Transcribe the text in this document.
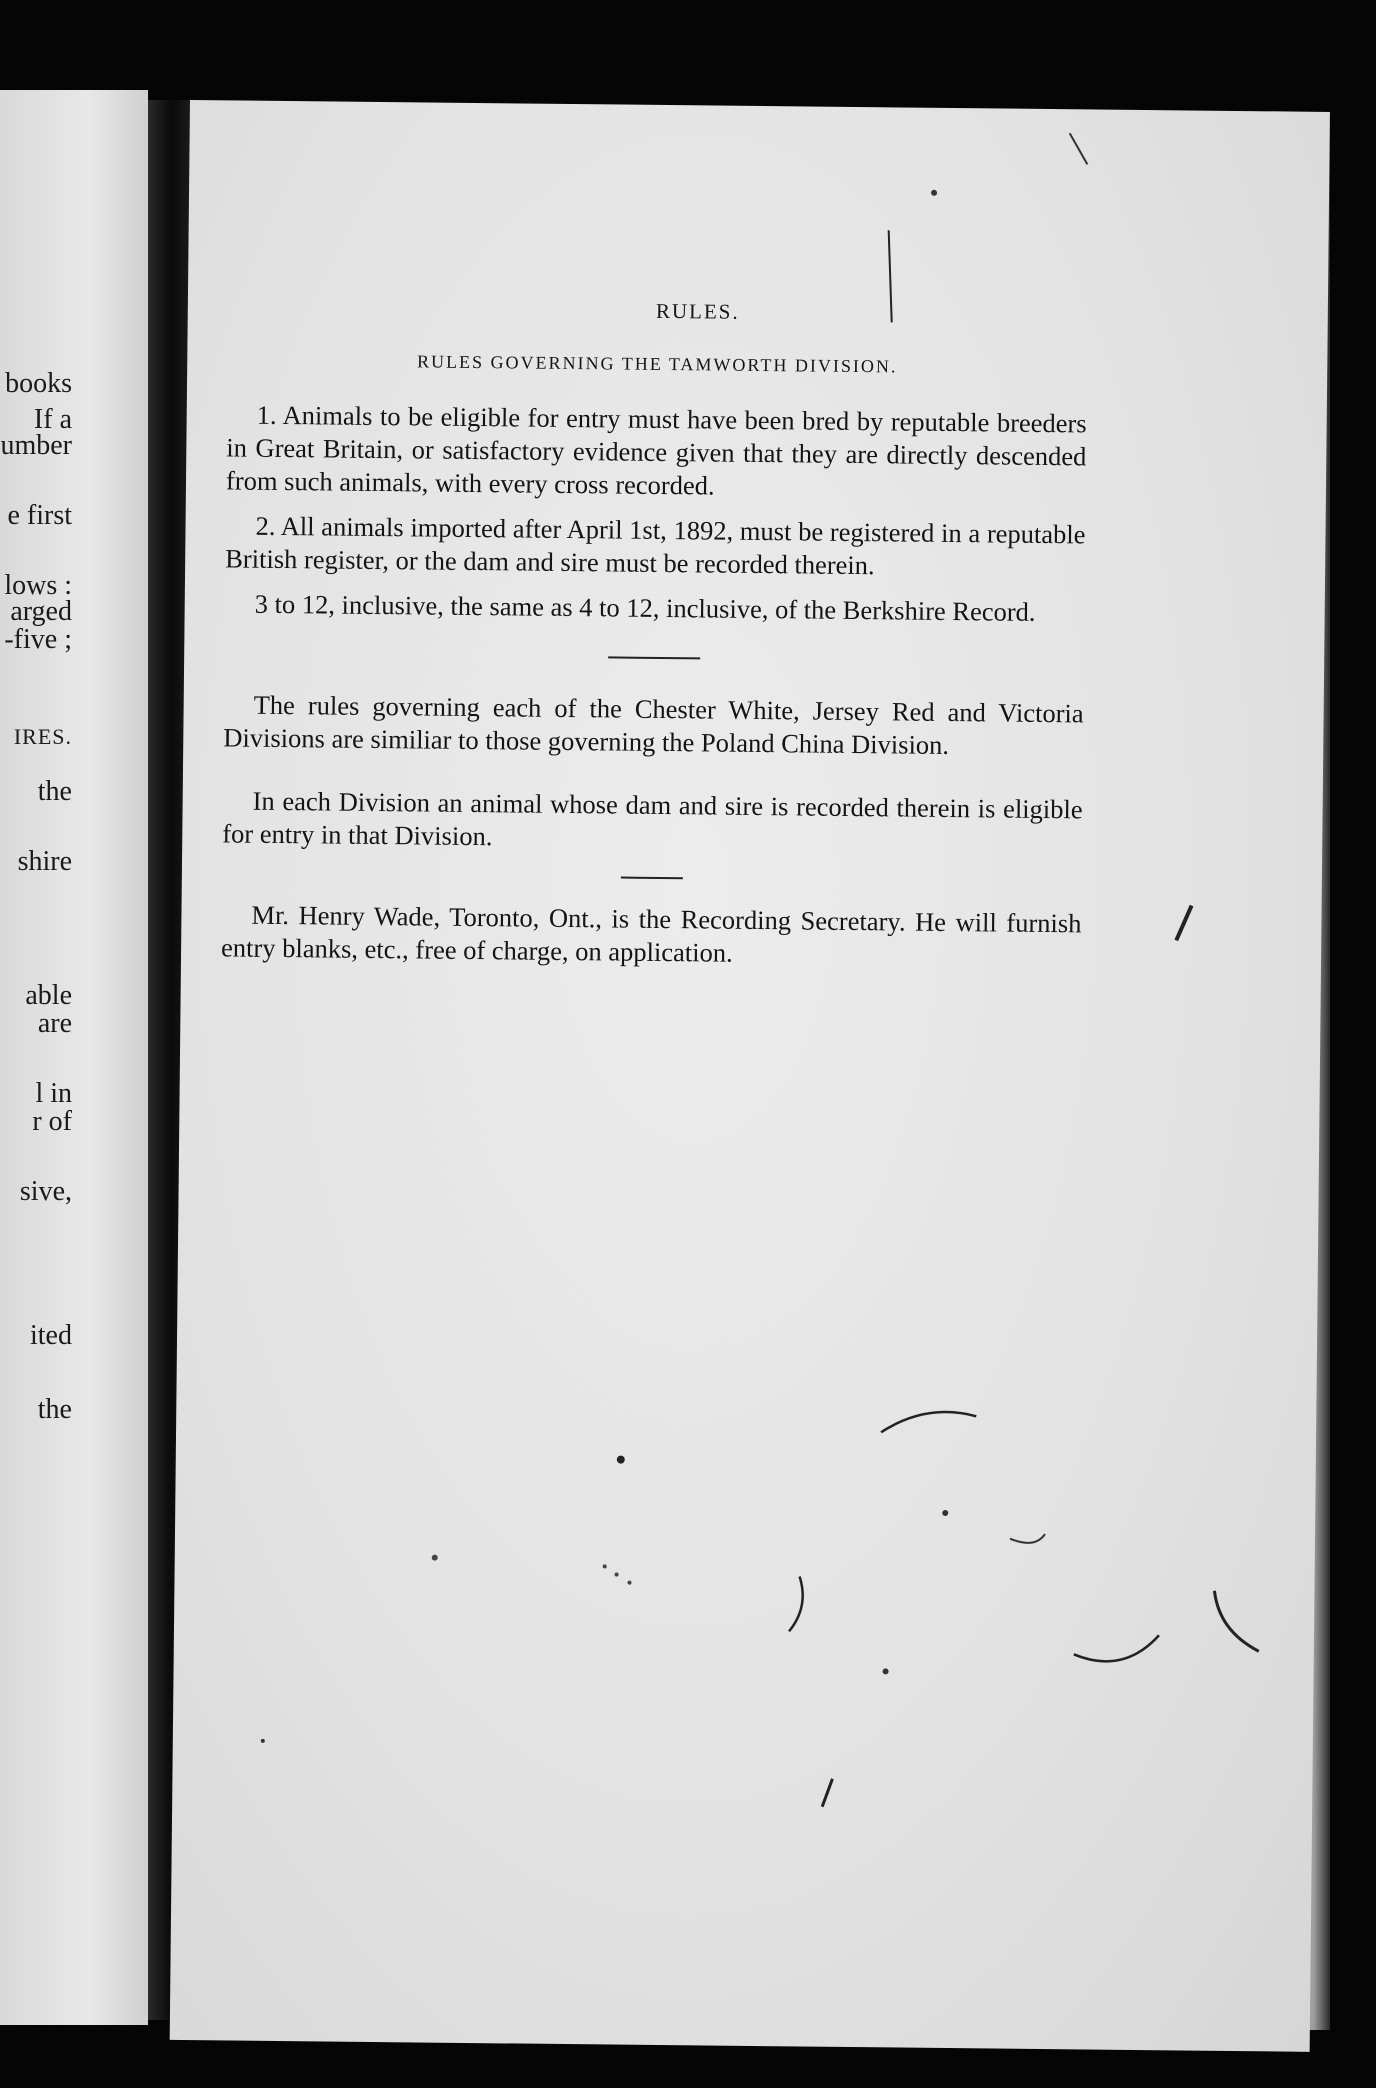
books
If a
umber
e first
lows :
arged
-five ;
IRES.
the
shire
able
are
l in
r of
sive,
ited
the
RULES.
RULES GOVERNING THE TAMWORTH DIVISION.

1. Animals to be eligible for entry must have been bred by reputable breeders in Great Britain, or satisfactory evidence given that they are directly descended from such animals, with every cross recorded.

2. All animals imported after April 1st, 1892, must be registered in a reputable British register, or the dam and sire must be recorded therein.

3 to 12, inclusive, the same as 4 to 12, inclusive, of the Berkshire Record.

The rules governing each of the Chester White, Jersey Red and Victoria Divisions are similiar to those governing the Poland China Division.

In each Division an animal whose dam and sire is recorded therein is eligible for entry in that Division.

Mr. Henry Wade, Toronto, Ont., is the Recording Secretary. He will furnish entry blanks, etc., free of charge, on application.
